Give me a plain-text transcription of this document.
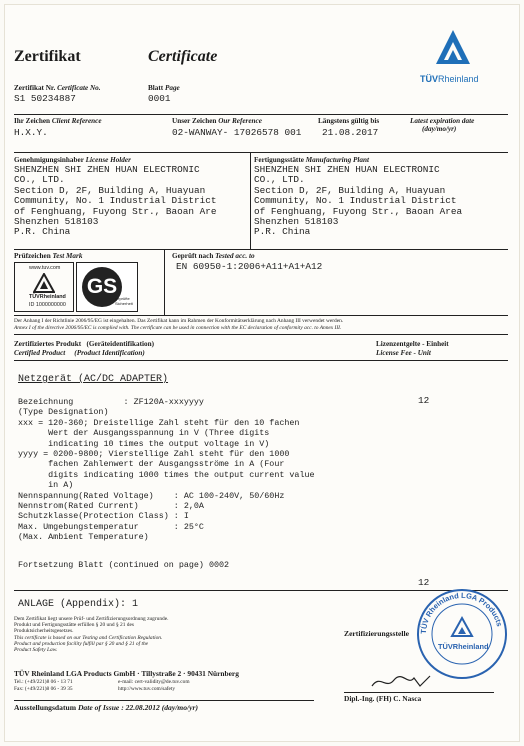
Zertifikat	Certificate
TÜVRheinland
Zertifikat Nr. Certificate No.
S1 50234887
Blatt Page
0001
Ihr Zeichen Client Reference
H.X.Y.
Unser Zeichen Our Reference
02-WANWAY- 17026578 001
Längstens gültig bis	Latest expiration date
(day/mo/yr)
21.08.2017
Genehmigungsinhaber License Holder
SHENZHEN SHI ZHEN HUAN ELECTRONIC
CO., LTD.
Section D, 2F, Building A, Huayuan
Community, No. 1 Industrial District
of Fenghuang, Fuyong Str., Baoan Are
Shenzhen 518103
P.R. China
Fertigungsstätte Manufacturing Plant
SHENZHEN SHI ZHEN HUAN ELECTRONIC
CO., LTD.
Section D, 2F, Building A, Huayuan
Community, No. 1 Industrial District
of Fenghuang, Fuyong Str., Baoan Area
Shenzhen 518103
P.R. China
Prüfzeichen Test Mark
www.tuv.com
TÜVRheinland
ID 1000000000
GS
geprüfte Sicherheit
Geprüft nach Tested acc. to
EN 60950-1:2006+A11+A1+A12
Der Anhang I der Richtlinie 2006/95/EG ist eingehalten. Das Zertifikat kann im Rahmen der Konformitätserklärung nach Anhang III verwendet werden.
Annex I of the directive 2006/95/EC is complied with. The certificate can be used in connection with the EC declaration of conformity acc. to Annex III.
Zertifiziertes Produkt (Geräteidentifikation)
Certified Product (Product Identification)
Lizenzentgelte - Einheit
License Fee - Unit
Netzgerät (AC/DC ADAPTER)
12
Bezeichnung          : ZF120A-xxxyyyy
(Type Designation)
xxx = 120-360; Dreistellige Zahl steht für den 10 fachen
Wert der Ausgangsspannung in V (Three digits
indicating 10 times the output voltage in V)
yyyy = 0200-9800; Vierstellige Zahl steht für den 1000
fachen Zahlenwert der Ausgangsströme in A (Four
digits indicating 1000 times the output current value
in A)
Nennspannung(Rated Voltage)    : AC 100-240V, 50/60Hz
Nennstrom(Rated Current)       : 2,0A
Schutzklasse(Protection Class) : I
Max. Umgebungstemperatur       : 25°C
(Max. Ambient Temperature)
Fortsetzung Blatt (continued on page) 0002
12
ANLAGE (Appendix): 1
Dem Zertifikat liegt unsere Prüf- und Zertifizierungsordnung zugrunde.
Produkt und Fertigungsstätte erfüllen § 20 und § 21 des
Produktsicherheitsgesetzes.
This certificate is based on our Testing and Certification Regulation.
Product and production facility fulfill par § 20 and § 21 of the
Product Safety Law.
TÜV Rheinland LGA Products GmbH · Tillystraße 2 · 90431 Nürnberg
Tel.: (+49/221)8 06 - 13 71	e-mail: cert-validity@de.tuv.com
Fax: (+49/221)8 06 - 39 35	http://www.tuv.com/safety
Zertifizierungsstelle TÜV Rheinland LGA Products
TÜVRheinland
Dipl.-Ing. (FH) C. Nasca
Ausstellungsdatum Date of Issue : 22.08.2012 (day/mo/yr)
